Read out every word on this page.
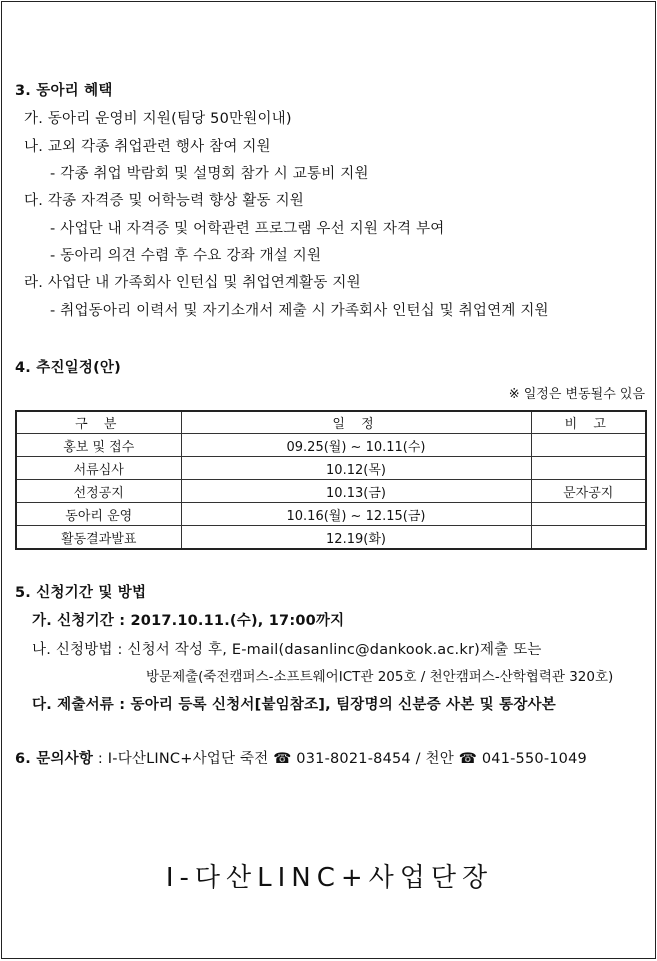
3. 동아리 혜택
가. 동아리 운영비 지원(팀당 50만원이내)
나. 교외 각종 취업관련 행사 참여 지원
- 각종 취업 박람회 및 설명회 참가 시 교통비 지원
다. 각종 자격증 및 어학능력 향상 활동 지원
- 사업단 내 자격증 및 어학관련 프로그램 우선 지원 자격 부여
- 동아리 의견 수렴 후 수요 강좌 개설 지원
라. 사업단 내 가족회사 인턴십 및 취업연계활동 지원
- 취업동아리 이력서 및 자기소개서 제출 시 가족회사 인턴십 및 취업연계 지원
4. 추진일정(안)
※ 일정은 변동될수 있음
구 분	일 정	비 고
홍보 및 접수	09.25(월) ~ 10.11(수)	
서류심사	10.12(목)	
선정공지	10.13(금)	문자공지
동아리 운영	10.16(월) ~ 12.15(금)	
활동결과발표	12.19(화)	
5. 신청기간 및 방법
가. 신청기간 : 2017.10.11.(수), 17:00까지
나. 신청방법 : 신청서 작성 후, E-mail(dasanlinc@dankook.ac.kr)제출 또는
방문제출(죽전캠퍼스-소프트웨어ICT관 205호 / 천안캠퍼스-산학협력관 320호)
다. 제출서류 : 동아리 등록 신청서[붙임참조], 팀장명의 신분증 사본 및 통장사본
6. 문의사항 : I-다산LINC+사업단 죽전 ☎ 031-8021-8454 / 천안 ☎ 041-550-1049
I-다산LINC+사업단장
